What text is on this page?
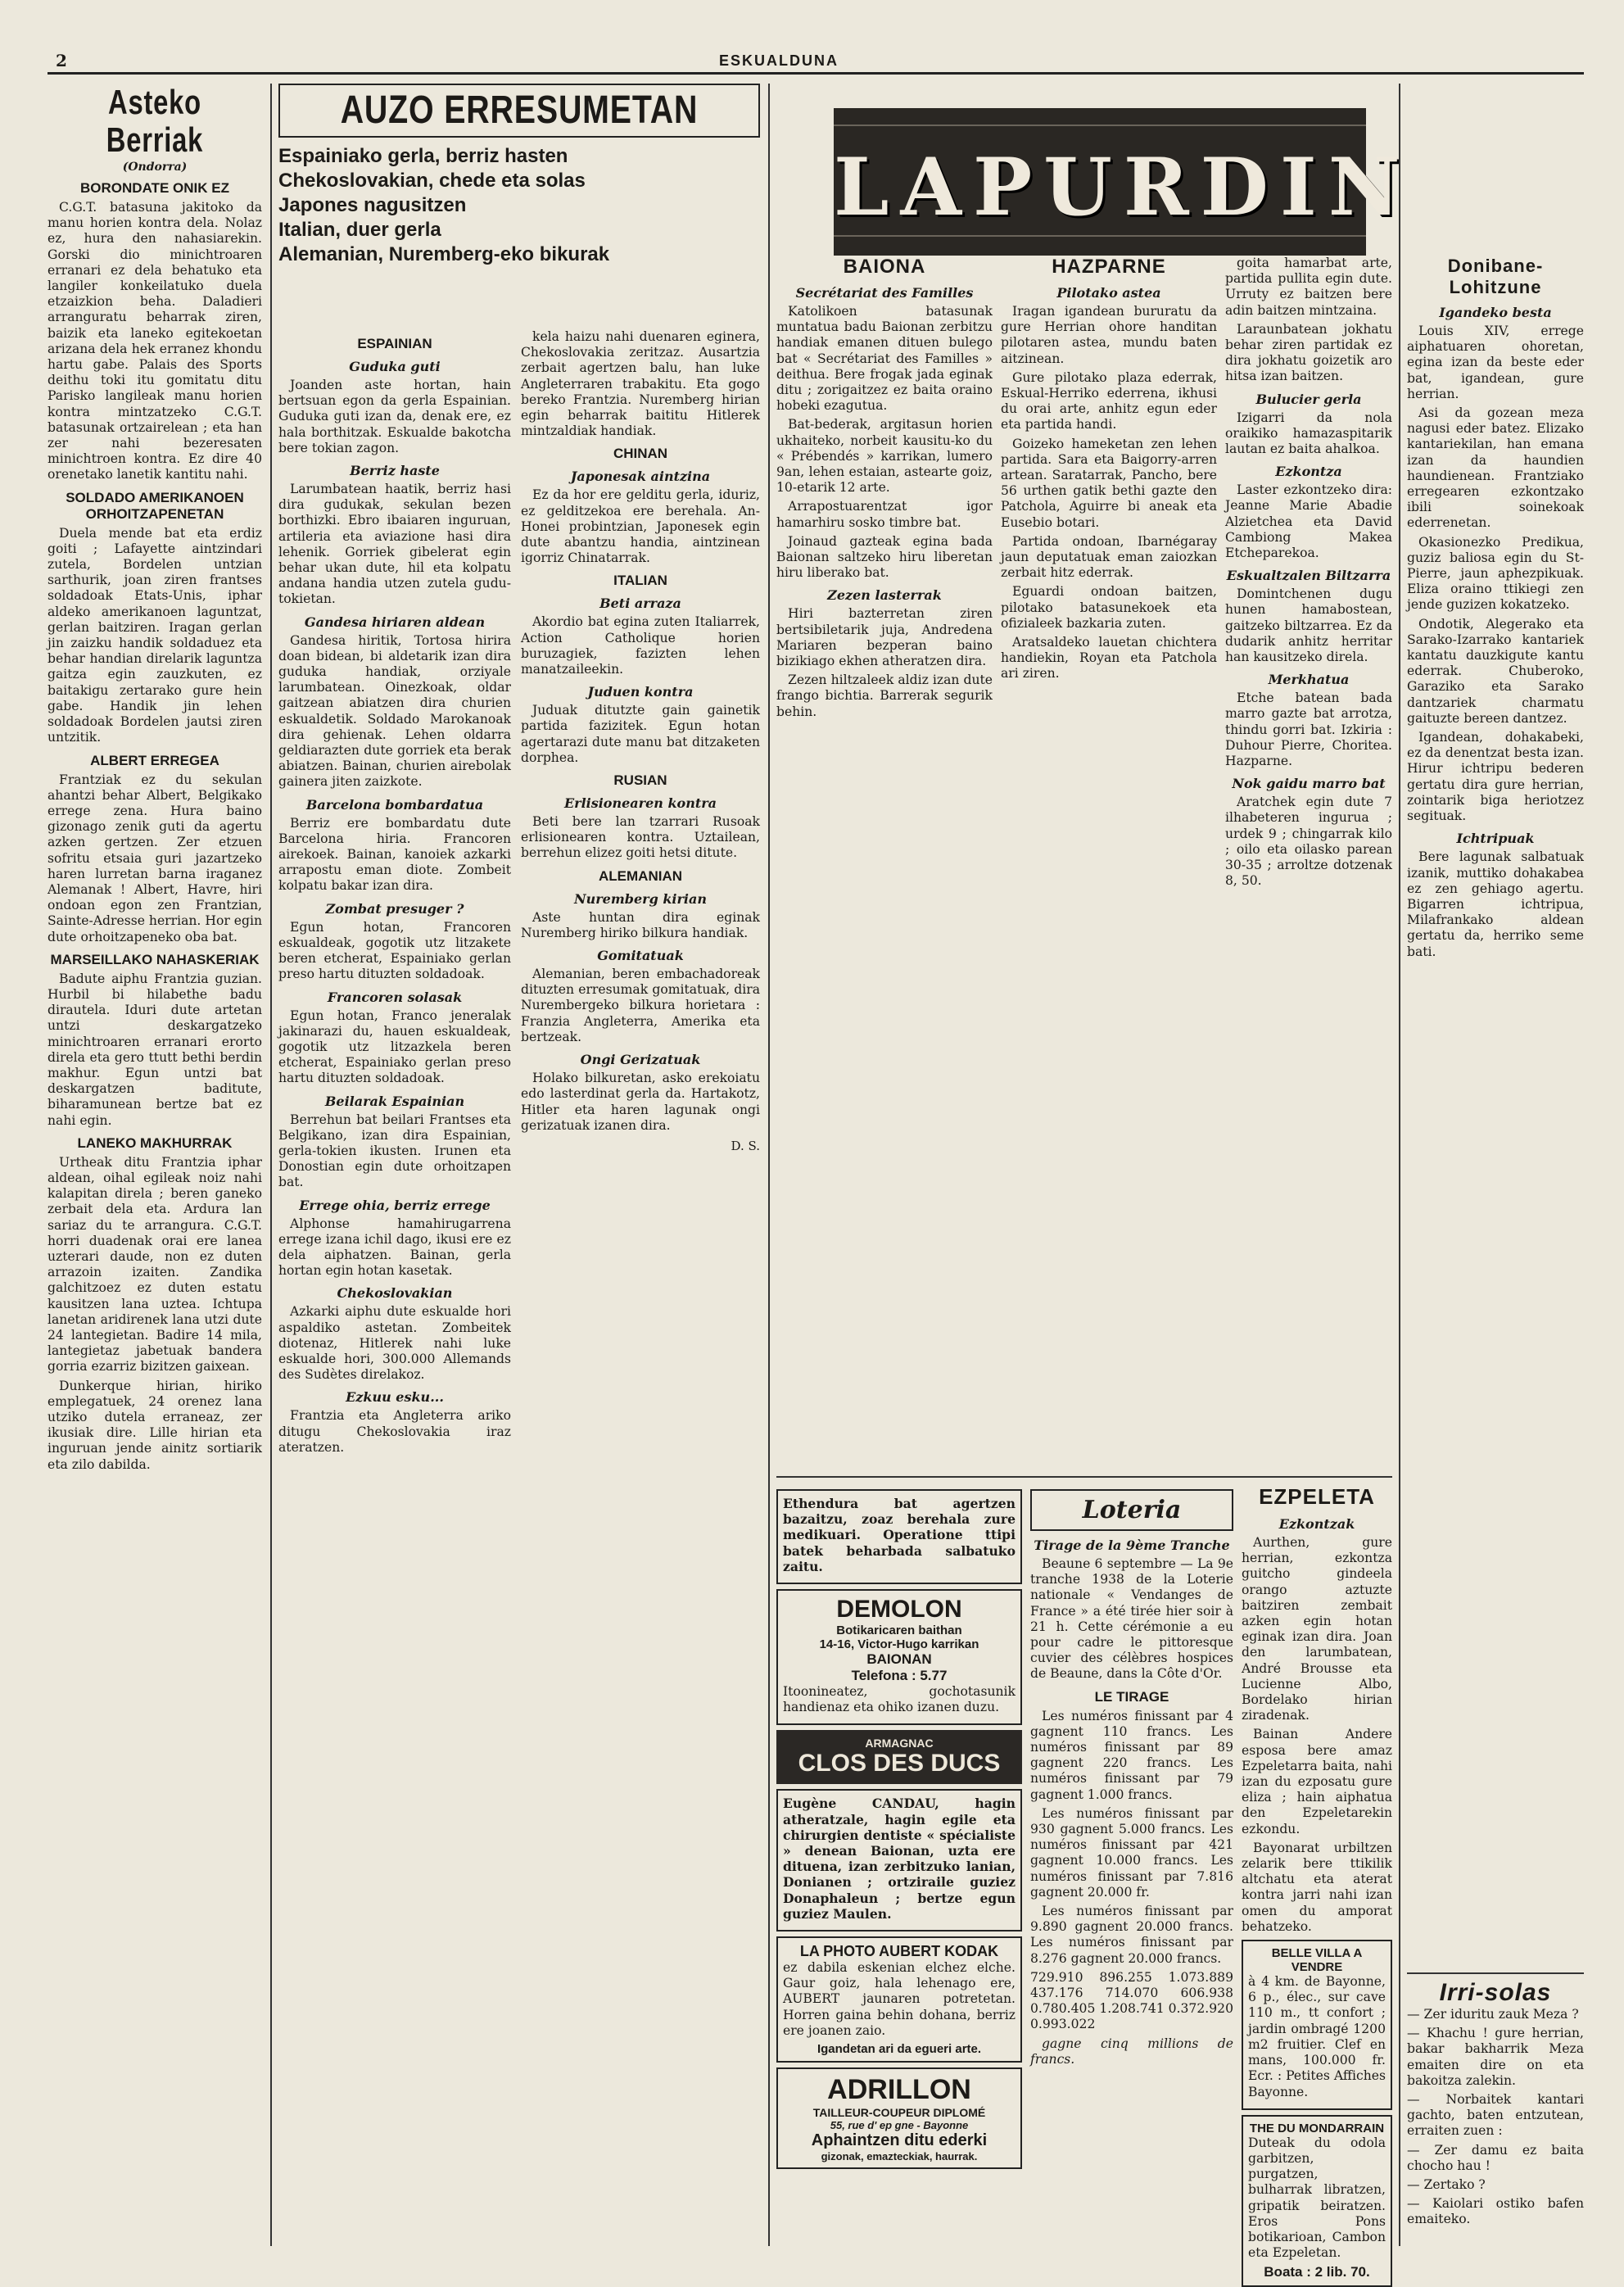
2	ESKUALDUNA
Asteko Berriak
(Ondorra)
BORONDATE ONIK EZ

C.G.T. batasuna jakitoko da manu horien kontra dela. Nolaz ez, hura den nahasiarekin. Gorski dio minichtroaren erranari ez dela behatuko eta langiler konkeilatuko duela etzaizkion beha. Daladieri arranguratu beharrak ziren, baizik eta laneko egitekoetan arizana dela hek erranez khondu hartu gabe. Palais des Sports deithu toki itu gomitatu ditu Parisko langileak manu horien kontra mintzatzeko C.G.T. batasunak ortzairelean ; eta han zer nahi bezeresaten minichtroen kontra. Ez dire 40 orenetako lanetik kantitu nahi.

SOLDADO AMERIKANOEN ORHOITZAPENETAN

Duela mende bat eta erdiz goiti ; Lafayette aintzindari zutela, Bordelen untzian sarthurik, joan ziren frantses soldadoak Etats-Unis, iphar aldeko amerikanoen laguntzat, gerlan baitziren. Iragan gerlan jin zaizku handik soldaduez eta behar handian direlarik laguntza gaitza egin zauzkuten, ez baitakigu zertarako gure hein gabe. Handik jin lehen soldadoak Bordelen jautsi ziren untzitik.

ALBERT ERREGEA

Frantziak ez du sekulan ahantzi behar Albert, Belgikako errege zena. Hura baino gizonago zenik guti da agertu azken gertzen. Zer etzuen sofritu etsaia guri jazartzeko haren lurretan barna iraganez Alemanak ! Albert, Havre, hiri ondoan egon zen Frantzian, Sainte-Adresse herrian. Hor egin dute orhoitzapeneko oba bat.

MARSEILLAKO NAHASKERIAK

Badute aiphu Frantzia guzian. Hurbil bi hilabethe badu dirautela. Iduri dute artetan untzi deskargatzeko minichtroaren erranari erorto direla eta gero ttutt bethi berdin makhur. Egun untzi bat deskargatzen baditute, biharamunean bertze bat ez nahi egin.

LANEKO MAKHURRAK

Urtheak ditu Frantzia iphar aldean, oihal egileak noiz nahi kalapitan direla ; beren ganeko zerbait dela eta. Ardura lan sariaz du te arrangura. C.G.T. horri duadenak orai ere lanea uzterari daude, non ez duten arrazoin izaiten. Zandika galchitzoez ez duten estatu kausitzen lana uztea. Ichtupa lanetan aridirenek lana utzi dute 24 lantegietan. Badire 14 mila, lantegietaz jabetuak bandera gorria ezarriz bizitzen gaixean.

Dunkerque hirian, hiriko emplegatuek, 24 orenez lana utziko dutela erraneaz, zer ikusiak dire. Lille hirian eta inguruan jende ainitz sortiarik eta zilo dabilda.

AUZO ERRESUMETAN
Espainiako gerla, berriz hasten
Chekoslovakian, chede eta solas
Japones nagusitzen
Italian, duer gerla
Alemanian, Nuremberg-eko bikurak
ESPAINIAN
Guduka guti

Joanden aste hortan, hain bertsuan egon da gerla Espainian. Guduka guti izan da, denak ere, ez hala borthitzak. Eskualde bakotcha bere tokian zagon.

Berriz haste

Larumbatean haatik, berriz hasi dira gudukak, sekulan bezen borthizki. Ebro ibaiaren inguruan, artileria eta aviazione hasi dira lehenik. Gorriek gibelerat egin behar ukan dute, hil eta kolpatu andana handia utzen zutela gudu-tokietan.

Gandesa hiriaren aldean

Gandesa hiritik, Tortosa hirira doan bidean, bi aldetarik izan dira guduka handiak, orziyale larumbatean. Oinezkoak, oldar gaitzean abiatzen dira churien eskualdetik. Soldado Marokanoak dira gehienak. Lehen oldarra geldiarazten dute gorriek eta berak abiatzen. Bainan, churien airebolak gainera jiten zaizkote.

Barcelona bombardatua

Berriz ere bombardatu dute Barcelona hiria. Francoren airekoek. Bainan, kanoiek azkarki arrapostu eman diote. Zombeit kolpatu bakar izan dira.

Zombat presuger ?

Egun hotan, Francoren eskualdeak, gogotik utz litzakete beren etcherat, Espainiako gerlan preso hartu dituzten soldadoak.

Francoren solasak

Egun hotan, Franco jeneralak jakinarazi du, hauen eskualdeak, gogotik utz litzazkela beren etcherat, Espainiako gerlan preso hartu dituzten soldadoak.

Beilarak Espainian

Berrehun bat beilari Frantses eta Belgikano, izan dira Espainian, gerla-tokien ikusten. Irunen eta Donostian egin dute orhoitzapen bat.

Errege ohia, berriz errege

Alphonse hamahirugarrena errege izana ichil dago, ikusi ere ez dela aiphatzen. Bainan, gerla hortan egin hotan kasetak.

Chekoslovakian

Azkarki aiphu dute eskualde hori aspaldiko astetan. Zombeitek diotenaz, Hitlerek nahi luke eskualde hori, 300.000 Allemands des Sudètes direlakoz.

Ezkuu esku...

Frantzia eta Angleterra ariko ditugu Chekoslovakia iraz ateratzen.

kela haizu nahi duenaren eginera, Chekoslovakia zeritzaz. Ausartzia zerbait agertzen balu, han luke Angleterraren trabakitu. Eta gogo bereko Frantzia. Nuremberg hirian egin beharrak baititu Hitlerek mintzaldiak handiak.

CHINAN
Japonesak aintzina

Ez da hor ere gelditu gerla, iduriz, ez gelditzekoa ere berehala. An-Honei probintzian, Japonesek egin dute abantzu handia, aintzinean igorriz Chinatarrak.

ITALIAN
Beti arraza

Akordio bat egina zuten Italiarrek, Action Catholique horien buruzagiek, fazizten lehen manatzaileekin.

Juduen kontra

Juduak ditutzte gain gainetik partida fazizitek. Egun hotan agertarazi dute manu bat ditzaketen dorphea.

RUSIAN
Erlisionearen kontra

Beti bere lan tzarrari Rusoak erlisionearen kontra. Uztailean, berrehun elizez goiti hetsi ditute.

ALEMANIAN
Nuremberg kirian

Aste huntan dira eginak Nuremberg hiriko bilkura handiak.

Gomitatuak

Alemanian, beren embachadoreak dituzten erresumak gomitatuak, dira Nurembergeko bilkura horietara : Franzia Angleterra, Amerika eta bertzeak.

Ongi Gerizatuak

Holako bilkuretan, asko erekoiatu edo lasterdinat gerla da. Hartakotz, Hitler eta haren lagunak ongi gerizatuak izanen dira.

D. S.
LAPURDIN
BAIONA
Secrétariat des Familles

Katolikoen batasunak muntatua badu Baionan zerbitzu handiak emanen dituen bulego bat « Secrétariat des Familles » deithua. Bere frogak jada eginak ditu ; zorigaitzez ez baita oraino hobeki ezagutua.

Bat-bederak, argitasun horien ukhaiteko, norbeit kausitu-ko du « Prébendés » karrikan, lumero 9an, lehen estaian, astearte goiz, 10-etarik 12 arte.

Arrapostuarentzat igor hamarhiru sosko timbre bat.

Joinaud gazteak egina bada Baionan saltzeko hiru liberetan hiru liberako bat.

Zezen lasterrak

Hiri bazterretan ziren bertsibiletarik juja, Andredena Mariaren bezperan baino bizikiago ekhen atheratzen dira.

Zezen hiltzaleek aldiz izan dute frango bichtia. Barrerak segurik behin.

HAZPARNE
Pilotako astea

Iragan igandean bururatu da gure Herrian ohore handitan pilotaren astea, mundu baten aitzinean.

Gure pilotako plaza ederrak, Eskual-Herriko ederrena, ikhusi du orai arte, anhitz egun eder eta partida handi.

Goizeko hameketan zen lehen partida. Sara eta Baigorry-arren artean. Saratarrak, Pancho, bere 56 urthen gatik bethi gazte den Patchola, Aguirre bi aneak eta Eusebio botari.

Partida ondoan, Ibarnégaray jaun deputatuak eman zaiozkan zerbait hitz ederrak.

Eguardi ondoan baitzen, pilotako batasunekoek eta ofizialeek bazkaria zuten.

Aratsaldeko lauetan chichtera handiekin, Royan eta Patchola ari ziren.

goita hamarbat arte, partida pullita egin dute. Urruty ez baitzen bere adin baitzen mintzaina.

Laraunbatean jokhatu behar ziren partidak ez dira jokhatu goizetik aro hitsa izan baitzen.

Bulucier gerla

Izigarri da nola oraikiko hamazaspitarik lautan ez baita ahalkoa.

Ezkontza

Laster ezkontzeko dira: Jeanne Marie Abadie Alzietchea eta David Cambiong Makea Etcheparekoa.

Eskualtzalen Biltzarra

Domintchenen dugu hunen hamabostean, gaitzeko biltzarrea. Ez da dudarik anhitz herritar han kausitzeko direla.

Merkhatua

Etche batean bada marro gazte bat arrotza, thindu gorri bat. Izkiria : Duhour Pierre, Choritea. Hazparne.

Nok gaidu marro bat

Aratchek egin dute 7 ilhabeteren ingurua ; urdek 9 ; chingarrak kilo ; oilo eta oilasko parean 30-35 ; arroltze dotzenak 8, 50.

Donibane-Lohitzune
Igandeko besta

Louis XIV, errege aiphatuaren ohoretan, egina izan da beste eder bat, igandean, gure herrian.

Asi da gozean meza nagusi eder batez. Elizako kantariekilan, han emana izan da haundien haundienean. Frantziako erregearen ezkontzako ibili soinekoak ederrenetan.

Okasionezko Predikua, guziz baliosa egin du St-Pierre, jaun aphezpikuak. Eliza oraino ttikiegi zen jende guzizen kokatzeko.

Ondotik, Alegerako eta Sarako-Izarrako kantariek kantatu dauzkigute kantu ederrak. Chuberoko, Garaziko eta Sarako dantzariek charmatu gaituzte bereen dantzez.

Igandean, dohakabeki, ez da denentzat besta izan. Hirur ichtripu bederen gertatu dira gure herrian, zointarik biga heriotzez segituak.

Ichtripuak

Bere lagunak salbatuak izanik, muttiko dohakabea ez zen gehiago agertu. Bigarren ichtripua, Milafrankako aldean gertatu da, herriko seme bati.

Ethendura bat agertzen bazaitzu, zoaz berehala zure medikuari. Operatione ttipi batek beharbada salbatuko zaitu.

DEMOLON
Botikaricaren baithan
14-16, Victor-Hugo karrikan
BAIONAN
Telefona : 5.77

Itoonineatez, gochotasunik handienaz eta ohiko izanen duzu.

ARMAGNAC
CLOS DES DUCS

Eugène CANDAU, hagin atheratzale, hagin egile eta chirurgien dentiste « spécialiste » denean Baionan, uzta ere dituena, izan zerbitzuko lanian, Donianen ; ortziraile guziez Donaphaleun ; bertze egun guziez Maulen.

LA PHOTO AUBERT KODAK

ez dabila eskenian elchez elche. Gaur goiz, hala lehenago ere, AUBERT jaunaren potretetan. Horren gaina behin dohana, berriz ere joanen zaio.

Igandetan ari da egueri arte.
ADRILLON
TAILLEUR-COUPEUR DIPLOMÉ
55, rue d' ep gne - Bayonne
Aphaintzen ditu ederki
gizonak, emazteckiak, haurrak.
Loteria
Tirage de la 9ème Tranche

Beaune 6 septembre — La 9e tranche 1938 de la Loterie nationale « Vendanges de France » a été tirée hier soir à 21 h. Cette cérémonie a eu pour cadre le pittoresque cuvier des célèbres hospices de Beaune, dans la Côte d'Or.

LE TIRAGE

Les numéros finissant par 4 gagnent 110 francs. Les numéros finissant par 89 gagnent 220 francs. Les numéros finissant par 79 gagnent 1.000 francs.

Les numéros finissant par 930 gagnent 5.000 francs. Les numéros finissant par 421 gagnent 10.000 francs. Les numéros finissant par 7.816 gagnent 20.000 fr.

Les numéros finissant par 9.890 gagnent 20.000 francs. Les numéros finissant par 8.276 gagnent 20.000 francs.

729.910 896.255 1.073.889 437.176 714.070 606.938 0.780.405 1.208.741 0.372.920 0.993.022

gagne cinq millions de francs.

EZPELETA
Ezkontzak

Aurthen, gure herrian, ezkontza guitcho gindeela orango aztuzte baitziren zembait azken egin hotan eginak izan dira. Joan den larumbatean, André Brousse eta Lucienne Albo, Bordelako hirian ziradenak.

Bainan Andere esposa bere amaz Ezpeletarra baita, nahi izan du ezposatu gure eliza ; hain aiphatua den Ezpeletarekin ezkondu.

Bayonarat urbiltzen zelarik bere ttikilik altchatu eta aterat kontra jarri nahi izan omen du amporat behatzeko.

BELLE VILLA A VENDRE

à 4 km. de Bayonne, 6 p., élec., sur cave 110 m., tt confort ; jardin ombragé 1200 m2 fruitier. Clef en mans, 100.000 fr. Ecr. : Petites Affiches Bayonne.

THE DU MONDARRAIN

Duteak du odola garbitzen, purgatzen, bulharrak libratzen, gripatik beiratzen. Eros Pons botikarioan, Cambon eta Ezpeletan.

Boata : 2 lib. 70.
Irri-solas

— Zer iduritu zauk Meza ?

— Khachu ! gure herrian, bakar bakharrik Meza emaiten dire on eta bakoitza zalekin.

— Norbaitek kantari gachto, baten entzutean, erraiten zuen :

— Zer damu ez baita chocho hau !

— Zertako ?

— Kaiolari ostiko bafen emaiteko.
